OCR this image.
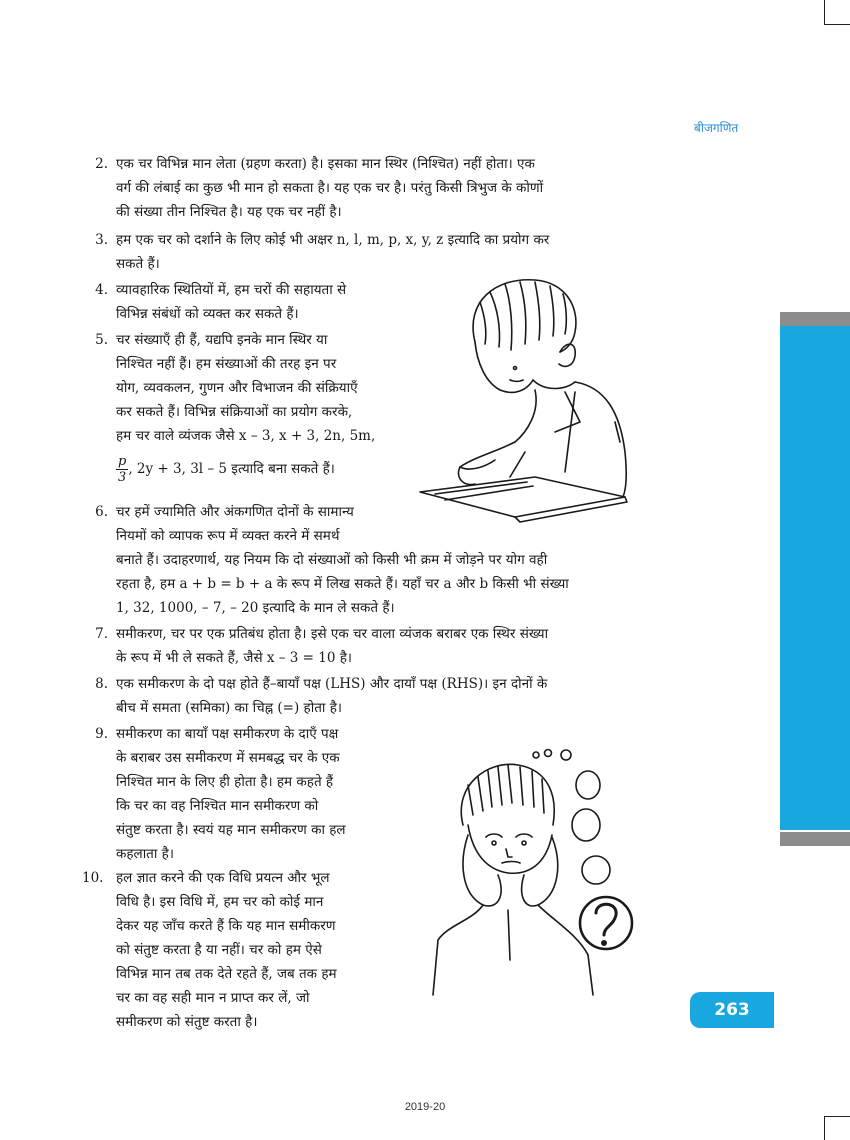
बीजगणित
2. एक चर विभिन्न मान लेता (ग्रहण करता) है। इसका मान स्थिर (निश्चित) नहीं होता। एक
वर्ग की लंबाई का कुछ भी मान हो सकता है। यह एक चर है। परंतु किसी त्रिभुज के कोणों
की संख्या तीन निश्चित है। यह एक चर नहीं है।
3. हम एक चर को दर्शाने के लिए कोई भी अक्षर n, l, m, p, x, y, z इत्यादि का प्रयोग कर
सकते हैं।
4. व्यावहारिक स्थितियों में, हम चरों की सहायता से
विभिन्न संबंधों को व्यक्त कर सकते हैं।
5. चर संख्याएँ ही हैं, यद्यपि इनके मान स्थिर या
निश्चित नहीं हैं। हम संख्याओं की तरह इन पर
योग, व्यवकलन, गुणन और विभाजन की संक्रियाएँ
कर सकते हैं। विभिन्न संक्रियाओं का प्रयोग करके,
हम चर वाले व्यंजक जैसे x – 3, x + 3, 2n, 5m,
$\frac{p}{3}$ , 2y + 3, 3l – 5 इत्यादि बना सकते हैं।
6. चर हमें ज्यामिति और अंकगणित दोनों के सामान्य
नियमों को व्यापक रूप में व्यक्त करने में समर्थ
बनाते हैं। उदाहरणार्थ, यह नियम कि दो संख्याओं को किसी भी क्रम में जोड़ने पर योग वही
रहता है, हम a + b = b + a के रूप में लिख सकते हैं। यहाँ चर a और b किसी भी संख्या
1, 32, 1000, – 7, – 20 इत्यादि के मान ले सकते हैं।
7. समीकरण, चर पर एक प्रतिबंध होता है। इसे एक चर वाला व्यंजक बराबर एक स्थिर संख्या
के रूप में भी ले सकते हैं, जैसे x – 3 = 10 है।
8. एक समीकरण के दो पक्ष होते हैं–बायाँ पक्ष (LHS) और दायाँ पक्ष (RHS)। इन दोनों के
बीच में समता (समिका) का चिह्न (=) होता है।
9. समीकरण का बायाँ पक्ष समीकरण के दाएँ पक्ष
के बराबर उस समीकरण में समबद्ध चर के एक
निश्चित मान के लिए ही होता है। हम कहते हैं
कि चर का वह निश्चित मान समीकरण को
संतुष्ट करता है। स्वयं यह मान समीकरण का हल
कहलाता है।
10. हल ज्ञात करने की एक विधि प्रयत्न और भूल
विधि है। इस विधि में, हम चर को कोई मान
देकर यह जाँच करते हैं कि यह मान समीकरण
को संतुष्ट करता है या नहीं। चर को हम ऐसे
विभिन्न मान तब तक देते रहते हैं, जब तक हम
चर का वह सही मान न प्राप्त कर लें, जो
समीकरण को संतुष्ट करता है।
263
2019-20
